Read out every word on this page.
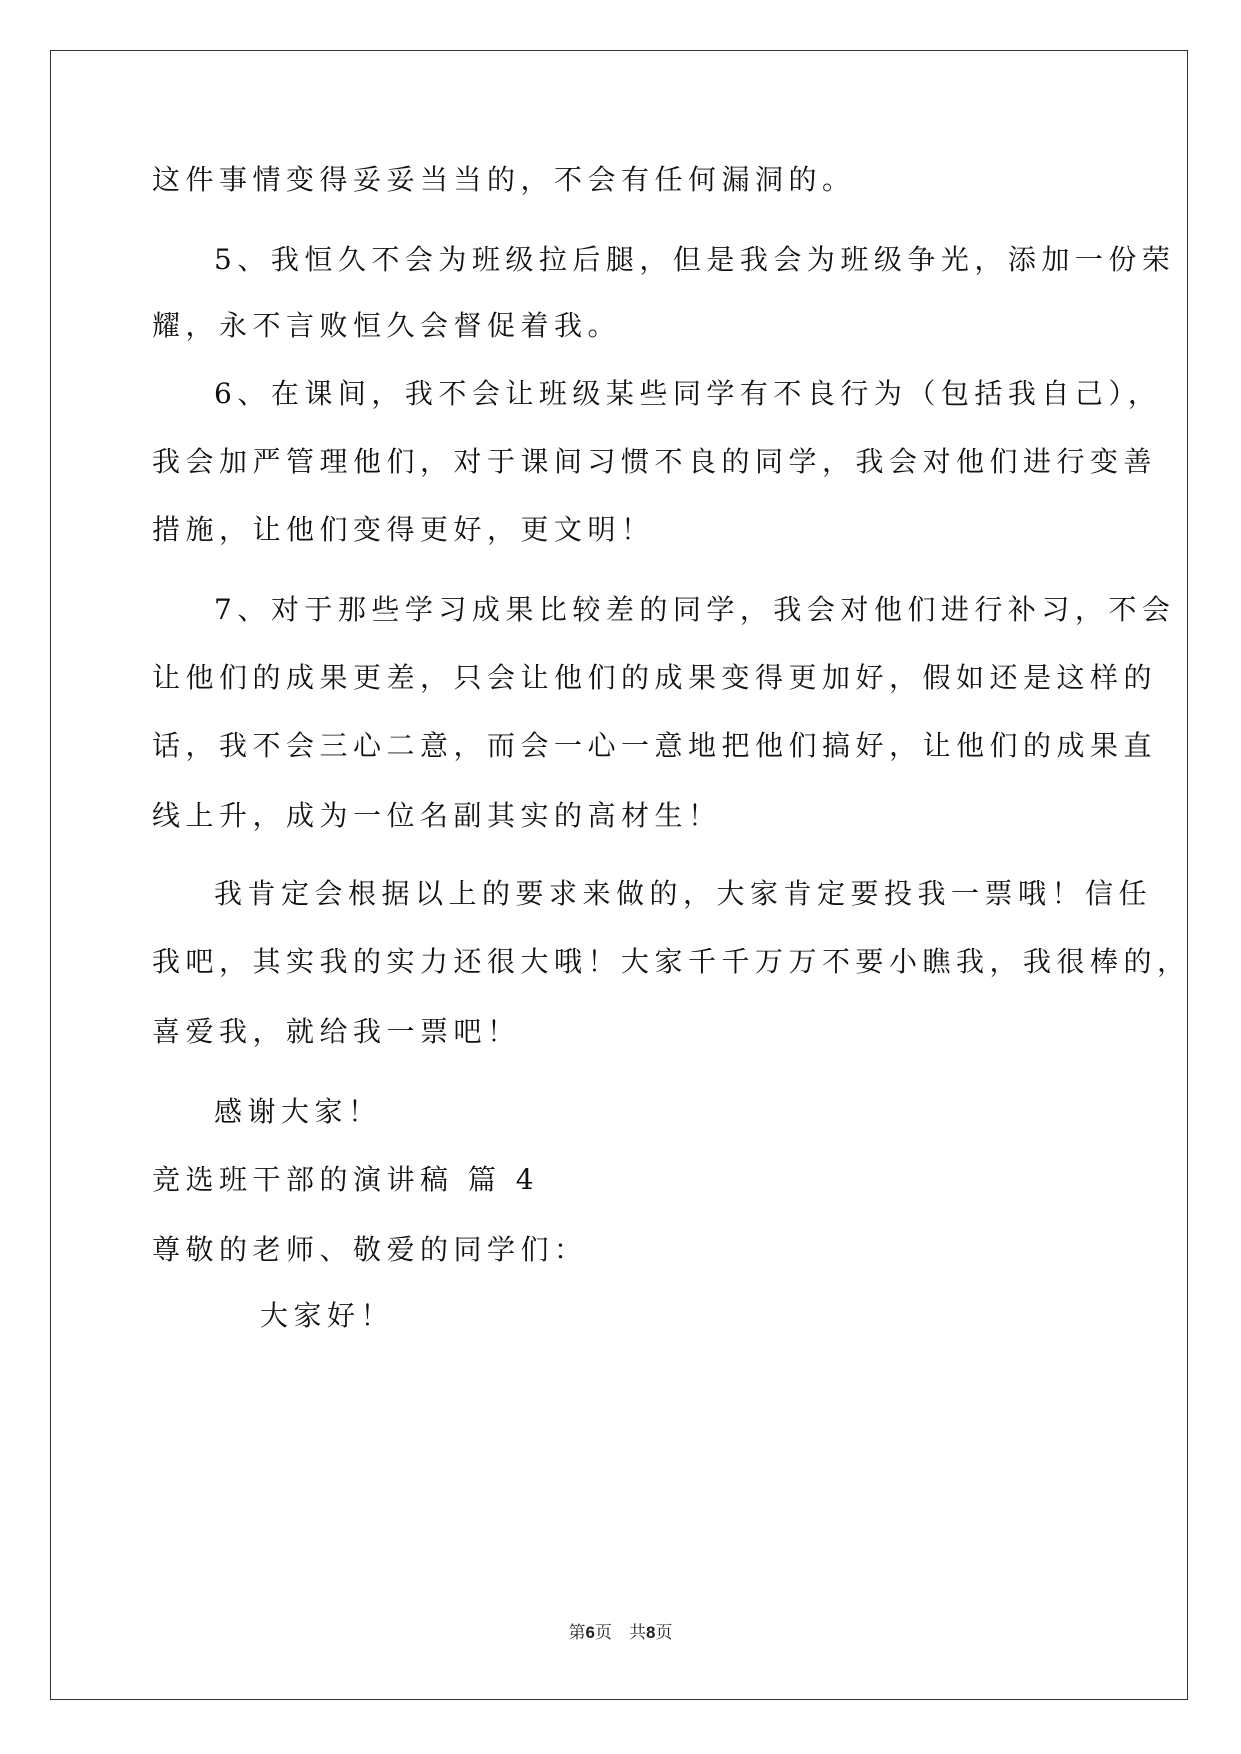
这件事情变得妥妥当当的，不会有任何漏洞的。
5、我恒久不会为班级拉后腿，但是我会为班级争光，添加一份荣
耀，永不言败恒久会督促着我。
6、在课间，我不会让班级某些同学有不良行为（包括我自己），
我会加严管理他们，对于课间习惯不良的同学，我会对他们进行变善
措施，让他们变得更好，更文明！
7、对于那些学习成果比较差的同学，我会对他们进行补习，不会
让他们的成果更差，只会让他们的成果变得更加好，假如还是这样的
话，我不会三心二意，而会一心一意地把他们搞好，让他们的成果直
线上升，成为一位名副其实的高材生！
我肯定会根据以上的要求来做的，大家肯定要投我一票哦！信任
我吧，其实我的实力还很大哦！大家千千万万不要小瞧我，我很棒的，
喜爱我，就给我一票吧！
感谢大家！
竞选班干部的演讲稿 篇 4
尊敬的老师、敬爱的同学们：
大家好！
第6页　共8页
